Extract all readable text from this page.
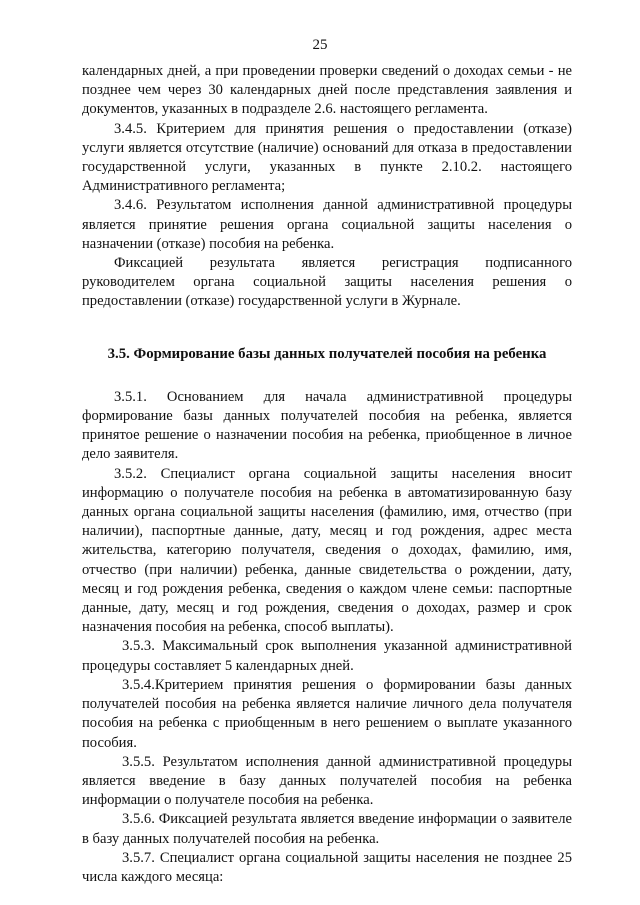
25

календарных дней, а при проведении проверки сведений о доходах семьи - не позднее чем через 30 календарных дней после представления заявления и документов, указанных в подразделе 2.6. настоящего регламента.

3.4.5. Критерием для принятия решения о предоставлении (отказе) услуги является отсутствие (наличие) оснований для отказа в предоставлении государственной услуги, указанных в пункте 2.10.2. настоящего Административного регламента;

3.4.6. Результатом исполнения данной административной процедуры является принятие решения органа социальной защиты населения о назначении (отказе) пособия на ребенка.

Фиксацией результата является регистрация подписанного руководителем органа социальной защиты населения решения о предоставлении (отказе) государственной услуги в Журнале.

3.5. Формирование базы данных получателей пособия на ребенка

3.5.1. Основанием для начала административной процедуры формирование базы данных получателей пособия на ребенка, является принятое решение о назначении пособия на ребенка, приобщенное в личное дело заявителя.

3.5.2. Специалист органа социальной защиты населения вносит информацию о получателе пособия на ребенка в автоматизированную базу данных органа социальной защиты населения (фамилию, имя, отчество (при наличии), паспортные данные, дату, месяц и год рождения, адрес места жительства, категорию получателя, сведения о доходах, фамилию, имя, отчество (при наличии) ребенка, данные свидетельства о рождении, дату, месяц и год рождения ребенка, сведения о каждом члене семьи: паспортные данные, дату, месяц и год рождения, сведения о доходах, размер и срок назначения пособия на ребенка, способ выплаты).

3.5.3. Максимальный срок выполнения указанной административной процедуры составляет 5 календарных дней.

3.5.4.Критерием принятия решения о формировании базы данных получателей пособия на ребенка является наличие личного дела получателя пособия на ребенка с приобщенным в него решением о выплате указанного пособия.

3.5.5. Результатом исполнения данной административной процедуры является введение в базу данных получателей пособия на ребенка информации о получателе пособия на ребенка.

3.5.6. Фиксацией результата является введение информации о заявителе в базу данных получателей пособия на ребенка.

3.5.7. Специалист органа социальной защиты населения не позднее 25 числа каждого месяца:
